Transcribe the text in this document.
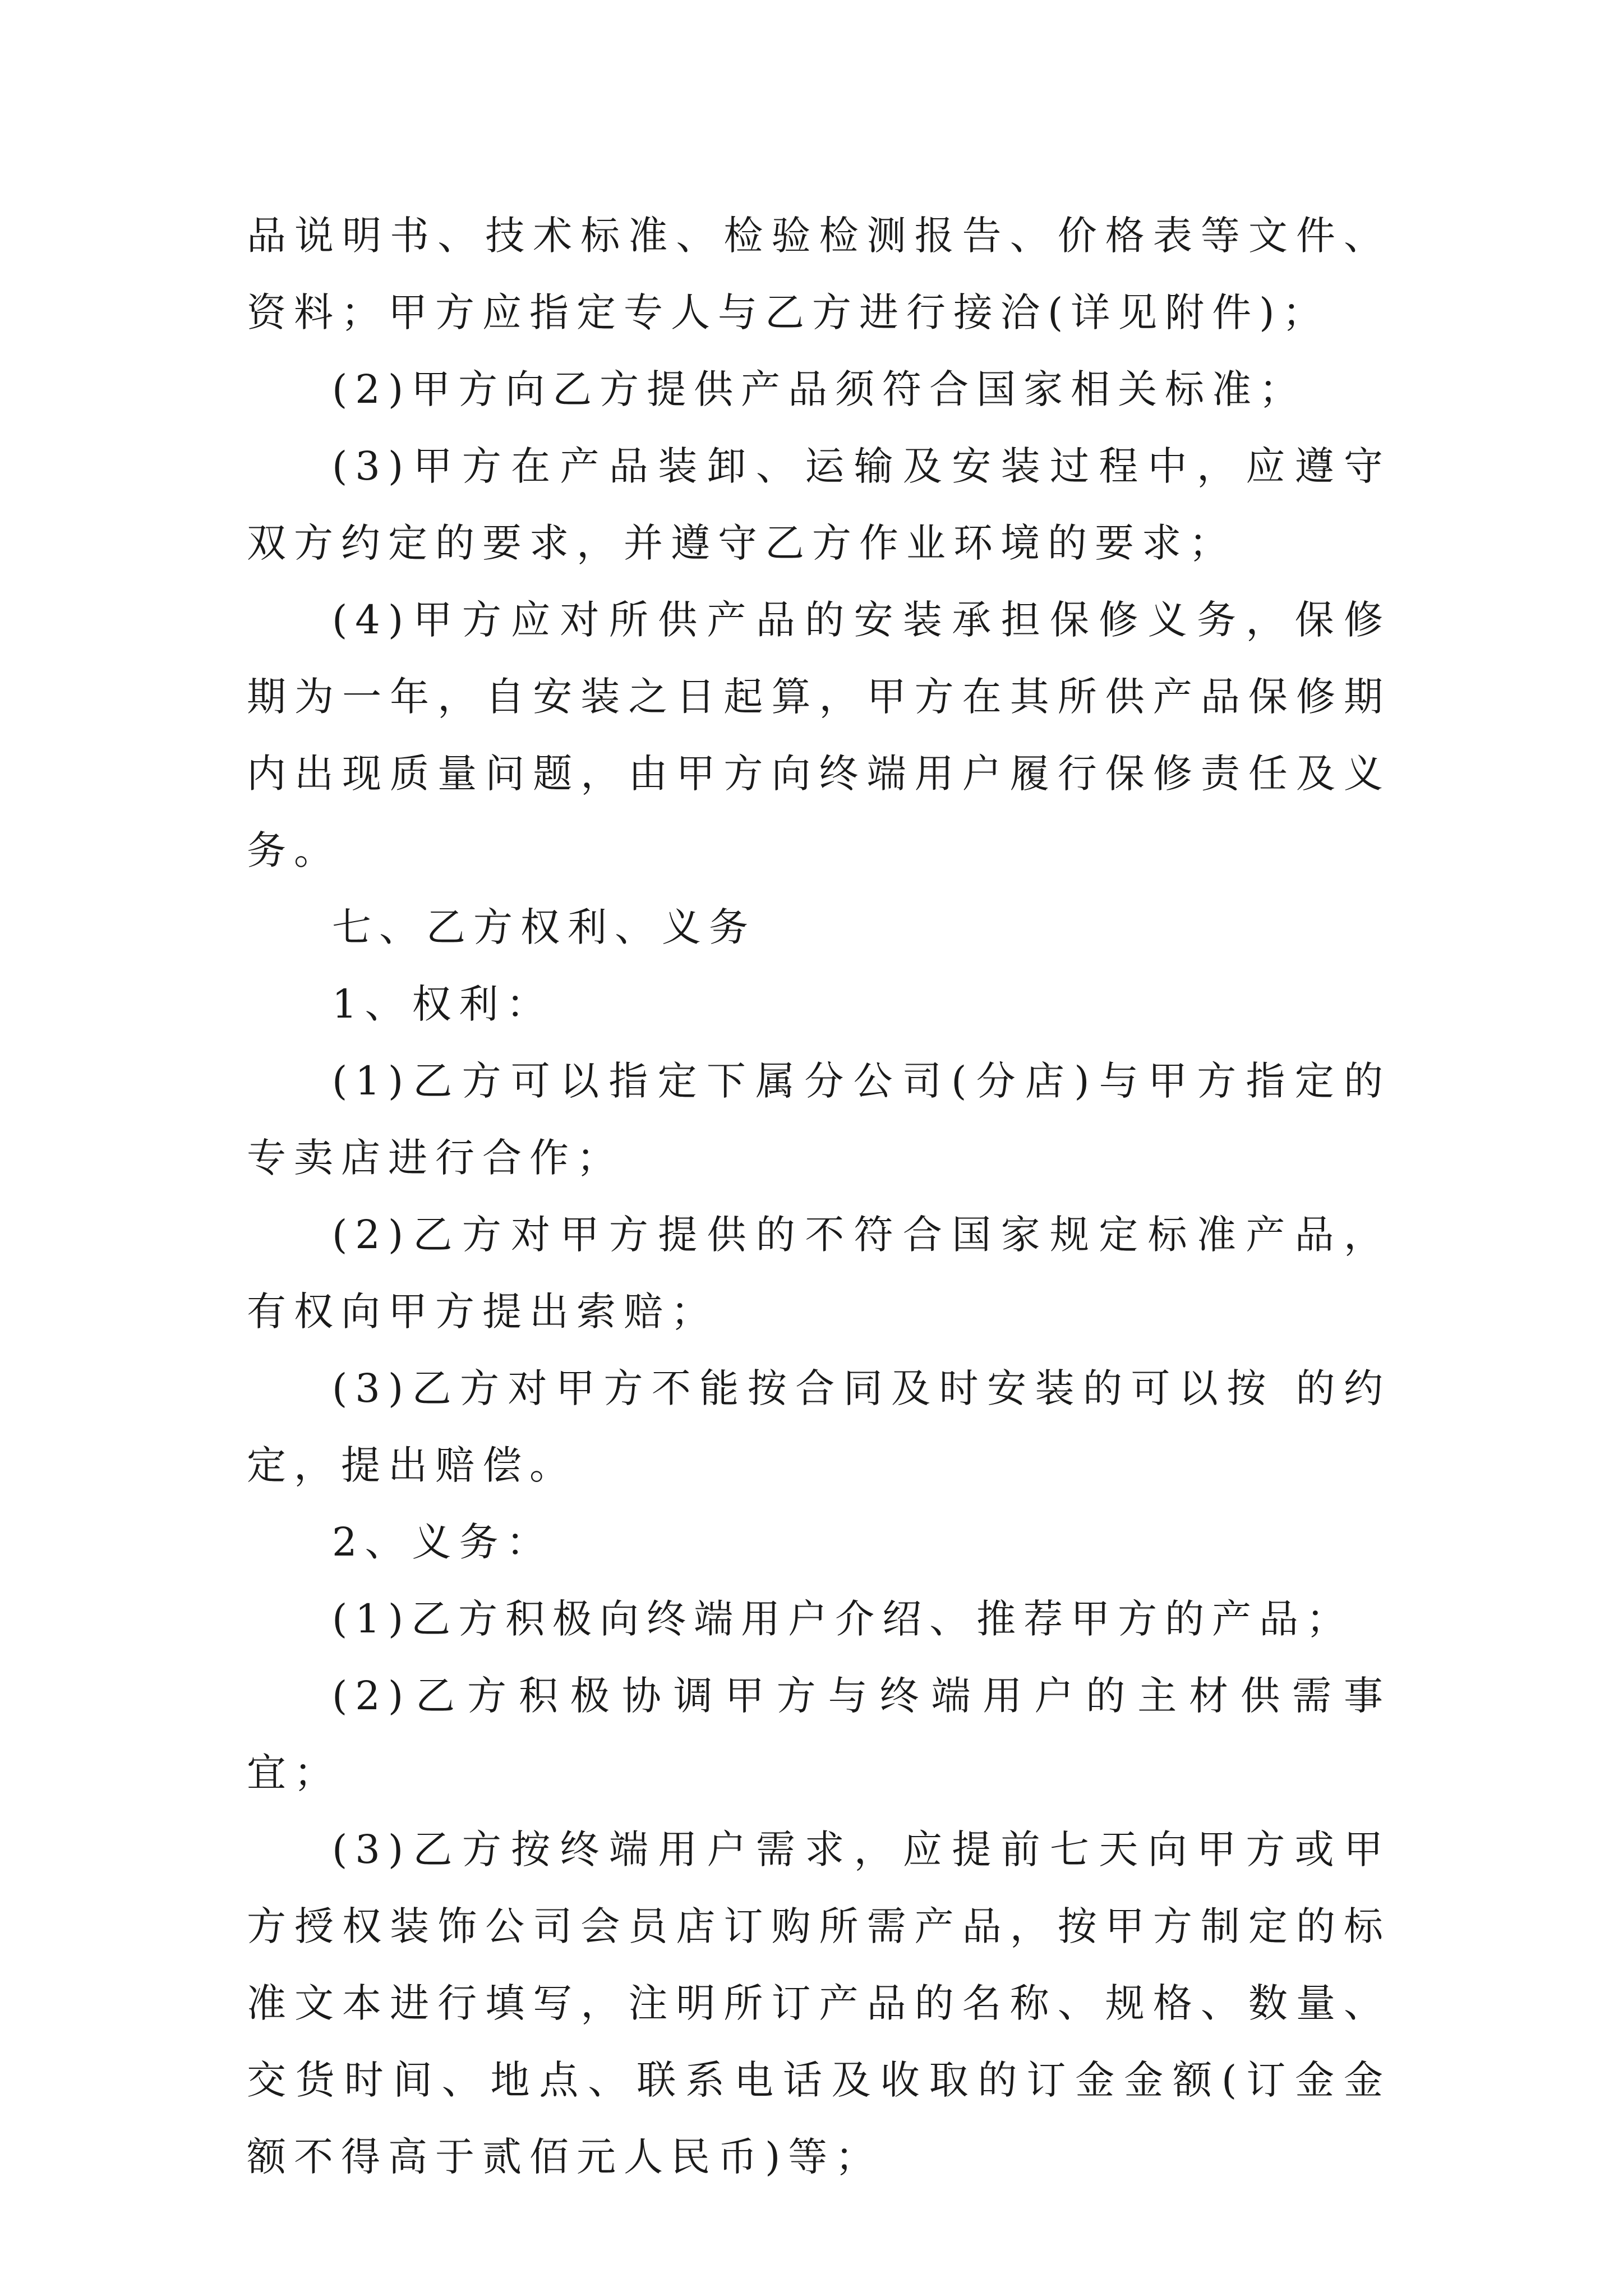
品说明书、技术标准、检验检测报告、价格表等文件、资料；甲方应指定专人与乙方进行接洽(详见附件)；

(2)甲方向乙方提供产品须符合国家相关标准；

(3)甲方在产品装卸、运输及安装过程中，应遵守双方约定的要求，并遵守乙方作业环境的要求；

(4)甲方应对所供产品的安装承担保修义务，保修期为一年，自安装之日起算，甲方在其所供产品保修期内出现质量问题，由甲方向终端用户履行保修责任及义务。

七、乙方权利、义务

1、权利：

(1)乙方可以指定下属分公司(分店)与甲方指定的专卖店进行合作；

(2)乙方对甲方提供的不符合国家规定标准产品，有权向甲方提出索赔；

(3)乙方对甲方不能按合同及时安装的可以按 的约定，提出赔偿。

2、义务：

(1)乙方积极向终端用户介绍、推荐甲方的产品；

(2)乙方积极协调甲方与终端用户的主材供需事宜；

(3)乙方按终端用户需求，应提前七天向甲方或甲方授权装饰公司会员店订购所需产品，按甲方制定的标准文本进行填写，注明所订产品的名称、规格、数量、交货时间、地点、联系电话及收取的订金金额(订金金额不得高于贰佰元人民币)等；
